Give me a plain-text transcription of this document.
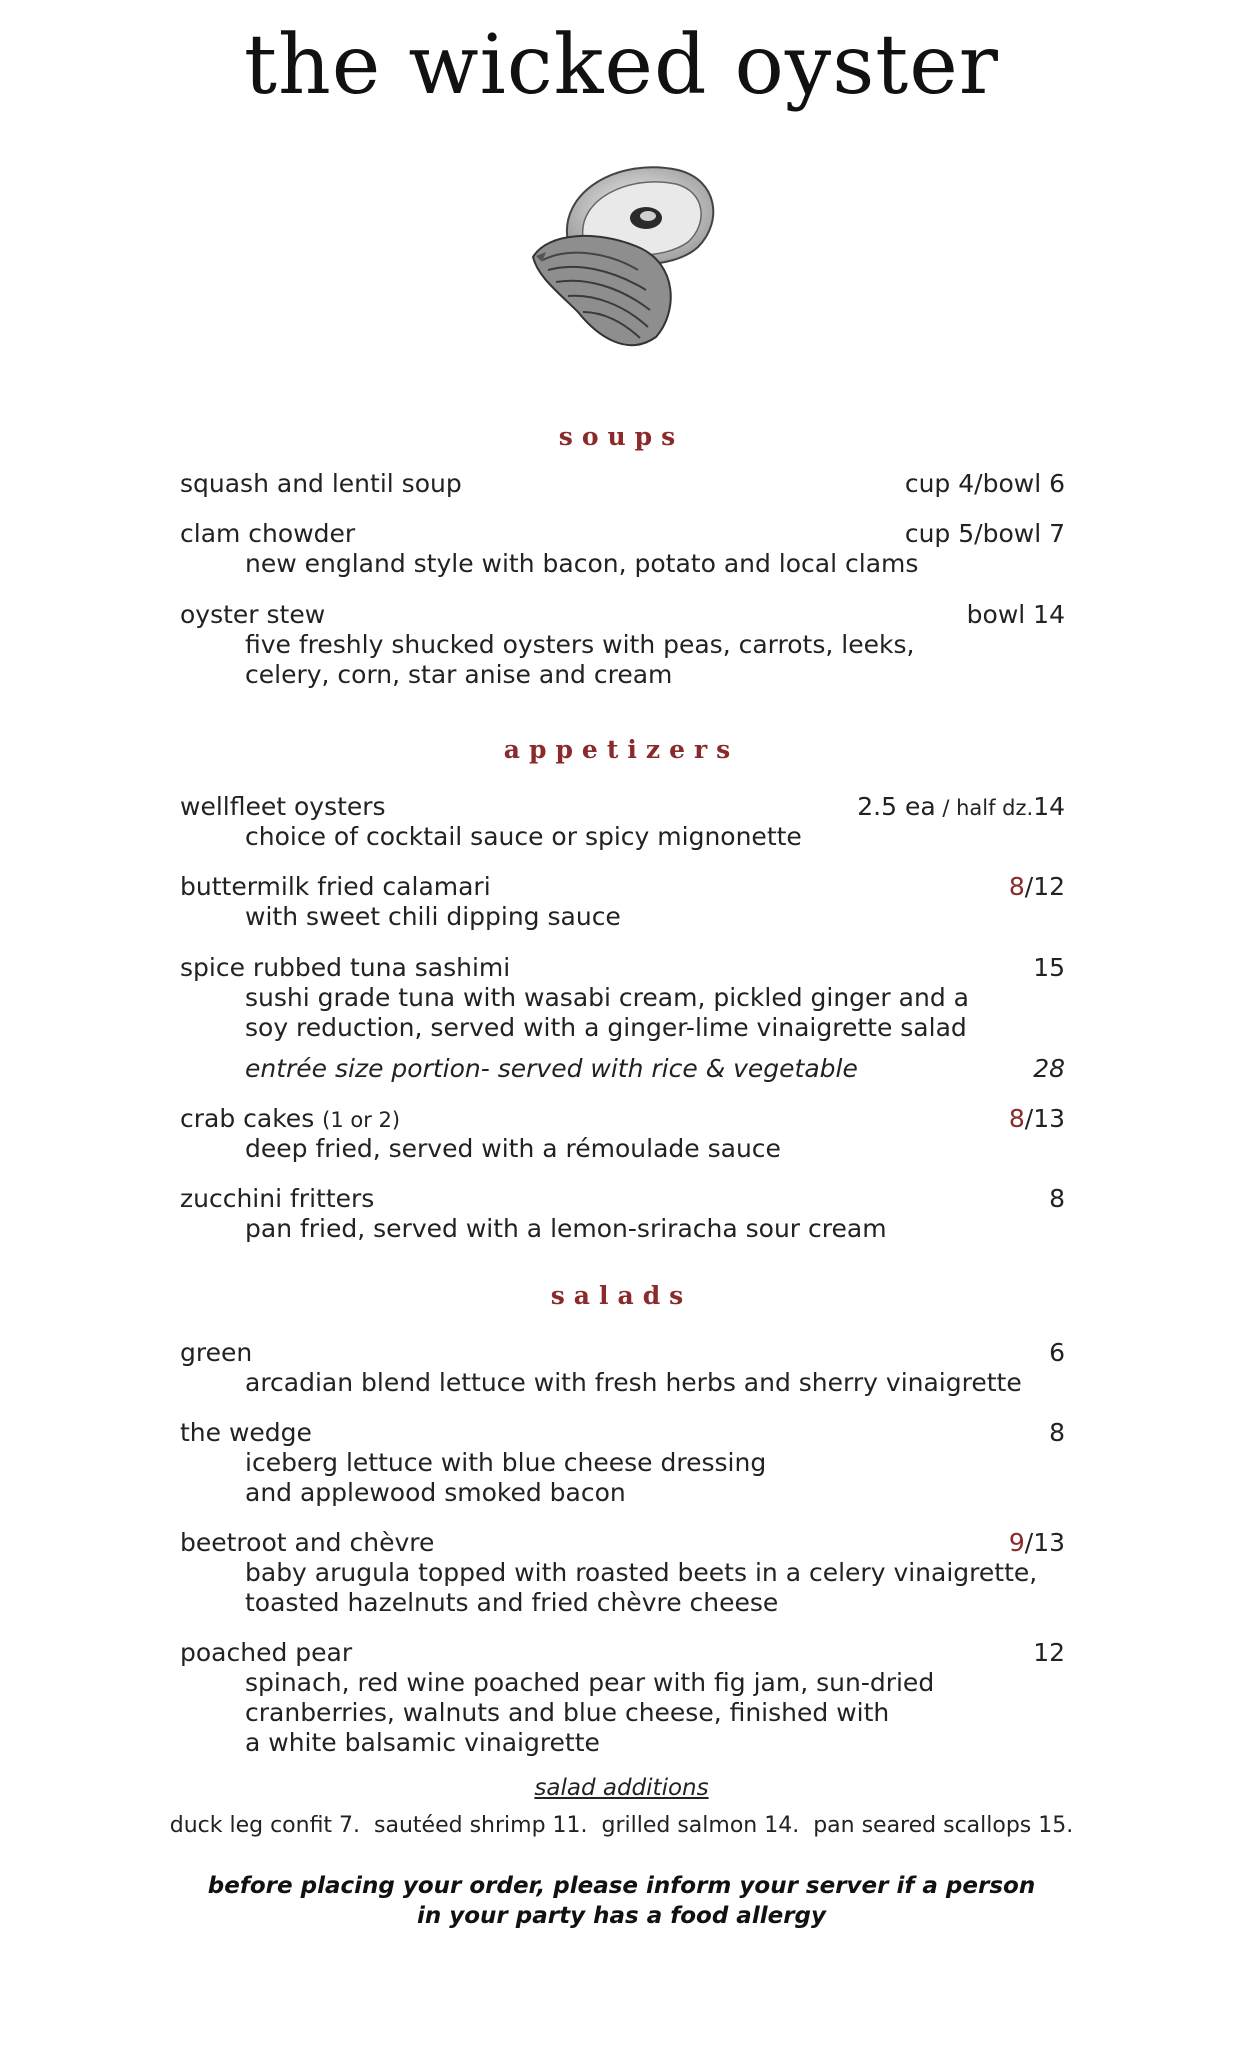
the wicked oyster
soups
squash and lentil soup	cup 4/bowl 6
clam chowder	cup 5/bowl 7
new england style with bacon, potato and local clams
oyster stew	bowl 14
five freshly shucked oysters with peas, carrots, leeks,
celery, corn, star anise and cream
appetizers
wellfleet oysters	2.5 ea / half dz.14
choice of cocktail sauce or spicy mignonette
buttermilk fried calamari	8/12
with sweet chili dipping sauce
spice rubbed tuna sashimi	15
sushi grade tuna with wasabi cream, pickled ginger and a
soy reduction, served with a ginger-lime vinaigrette salad
entrée size portion- served with rice & vegetable	28
crab cakes (1 or 2)	8/13
deep fried, served with a rémoulade sauce
zucchini fritters	8
pan fried, served with a lemon-sriracha sour cream
salads
green	6
arcadian blend lettuce with fresh herbs and sherry vinaigrette
the wedge	8
iceberg lettuce with blue cheese dressing
and applewood smoked bacon
beetroot and chèvre	9/13
baby arugula topped with roasted beets in a celery vinaigrette,
toasted hazelnuts and fried chèvre cheese
poached pear	12
spinach, red wine poached pear with fig jam, sun-dried
cranberries, walnuts and blue cheese, finished with
a white balsamic vinaigrette
salad additions
duck leg confit 7.  sautéed shrimp 11.  grilled salmon 14.  pan seared scallops 15.
before placing your order, please inform your server if a person
in your party has a food allergy
